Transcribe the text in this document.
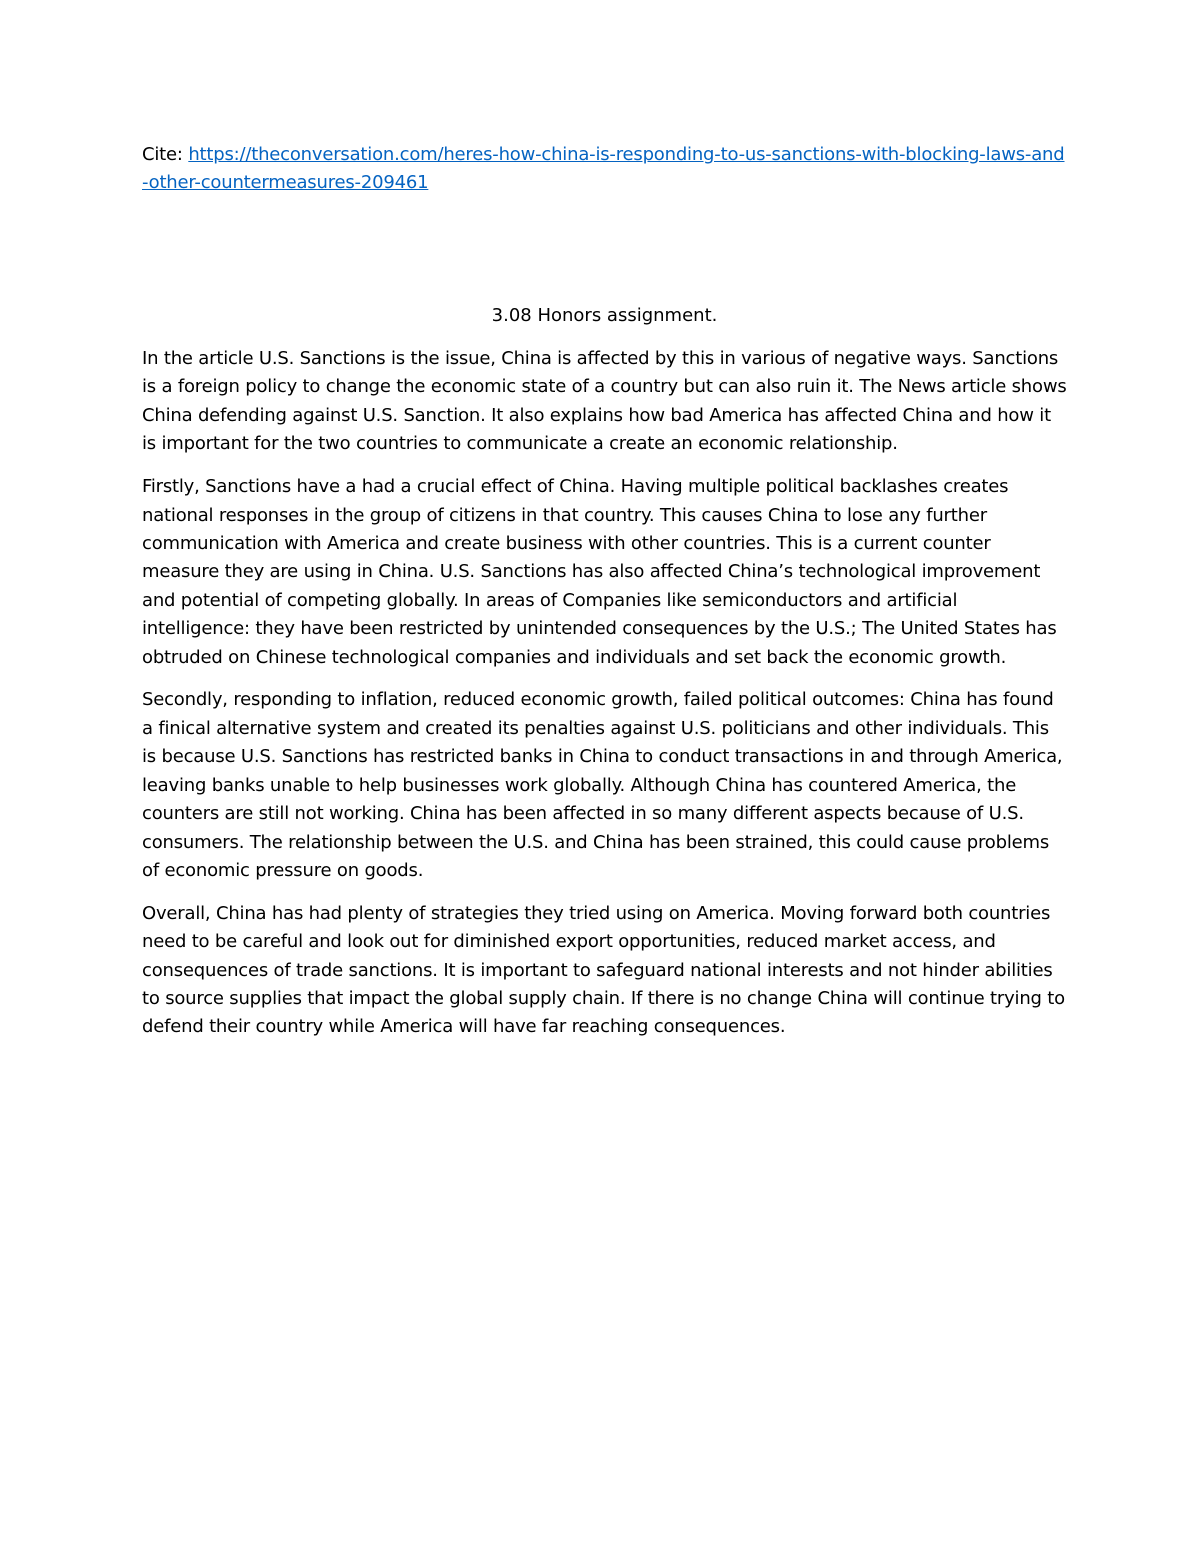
Cite: https://theconversation.com/heres-how-china-is-responding-to-us-sanctions-with-blocking-laws-and-other-countermeasures-209461
3.08 Honors assignment.

In the article U.S. Sanctions is the issue, China is affected by this in various of negative ways. Sanctions is a foreign policy to change the economic state of a country but can also ruin it. The News article shows China defending against U.S. Sanction. It also explains how bad America has affected China and how it is important for the two countries to communicate a create an economic relationship.

Firstly, Sanctions have a had a crucial effect of China. Having multiple political backlashes creates national responses in the group of citizens in that country. This causes China to lose any further communication with America and create business with other countries. This is a current counter measure they are using in China. U.S. Sanctions has also affected China’s technological improvement and potential of competing globally. In areas of Companies like semiconductors and artificial intelligence: they have been restricted by unintended consequences by the U.S.; The United States has obtruded on Chinese technological companies and individuals and set back the economic growth.

Secondly, responding to inflation, reduced economic growth, failed political outcomes: China has found a finical alternative system and created its penalties against U.S. politicians and other individuals. This is because U.S. Sanctions has restricted banks in China to conduct transactions in and through America, leaving banks unable to help businesses work globally. Although China has countered America, the counters are still not working. China has been affected in so many different aspects because of U.S. consumers. The relationship between the U.S. and China has been strained, this could cause problems of economic pressure on goods.

Overall, China has had plenty of strategies they tried using on America. Moving forward both countries need to be careful and look out for diminished export opportunities, reduced market access, and consequences of trade sanctions. It is important to safeguard national interests and not hinder abilities to source supplies that impact the global supply chain. If there is no change China will continue trying to defend their country while America will have far reaching consequences.
